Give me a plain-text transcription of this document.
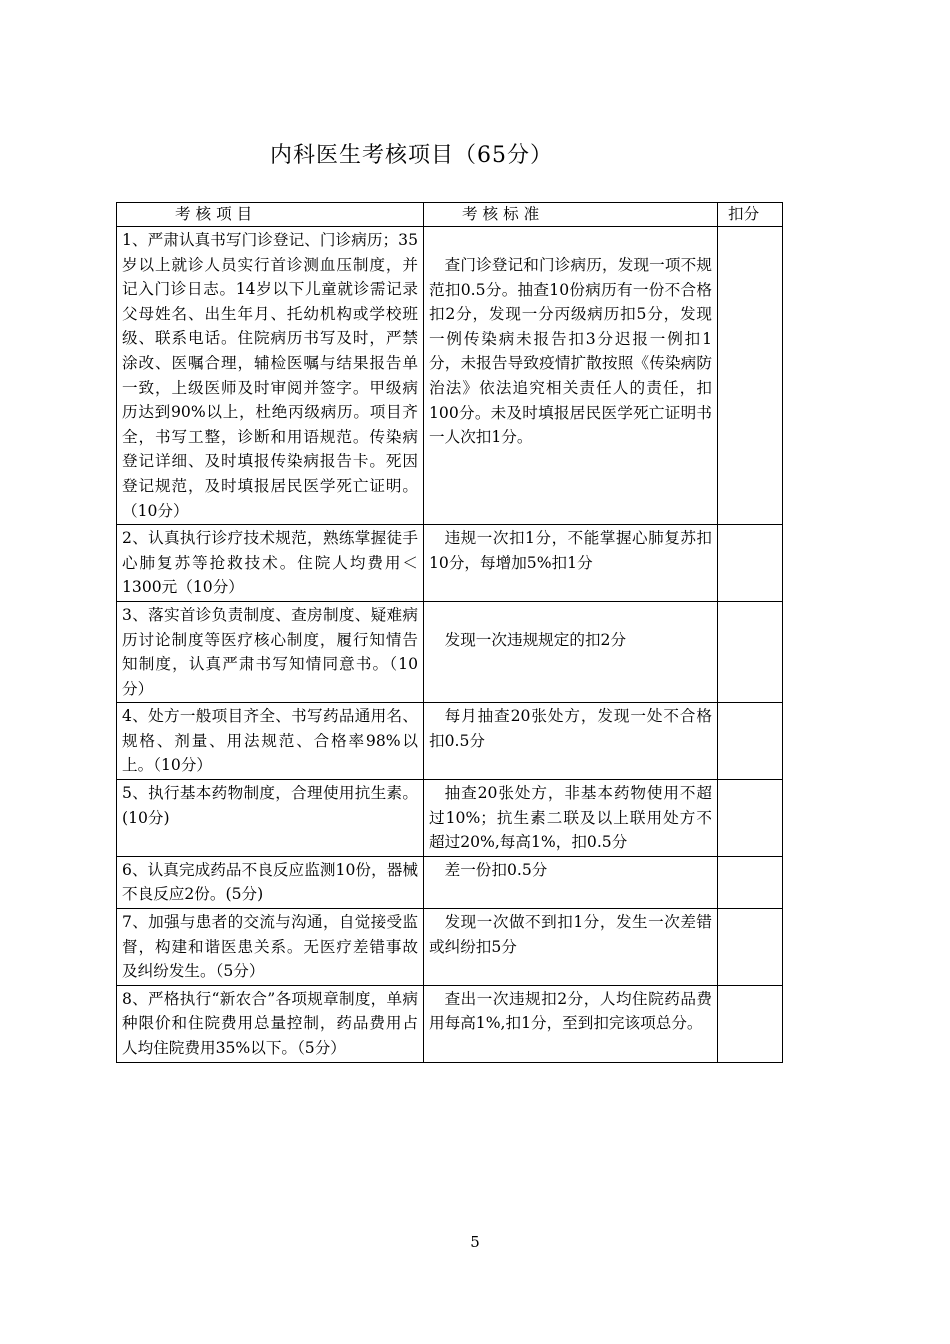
内科医生考核项目（65分）
考 核 项 目	考 核 标 准	扣分
1、严肃认真书写门诊登记、门诊病历；35岁以上就诊人员实行首诊测血压制度，并记入门诊日志。14岁以下儿童就诊需记录父母姓名、出生年月、托幼机构或学校班级、联系电话。住院病历书写及时，严禁涂改、医嘱合理，辅检医嘱与结果报告单一致，上级医师及时审阅并签字。甲级病历达到90%以上，杜绝丙级病历。项目齐全，书写工整，诊断和用语规范。传染病登记详细、及时填报传染病报告卡。死因登记规范，及时填报居民医学死亡证明。（10分）	查门诊登记和门诊病历，发现一项不规范扣0.5分。抽查10份病历有一份不合格扣2分，发现一分丙级病历扣5分，发现一例传染病未报告扣3分迟报一例扣1分，未报告导致疫情扩散按照《传染病防治法》依法追究相关责任人的责任，扣100分。未及时填报居民医学死亡证明书一人次扣1分。	
2、认真执行诊疗技术规范，熟练掌握徒手心肺复苏等抢救技术。住院人均费用＜1300元（10分）	违规一次扣1分，不能掌握心肺复苏扣10分，每增加5%扣1分	
3、落实首诊负责制度、查房制度、疑难病历讨论制度等医疗核心制度，履行知情告知制度，认真严肃书写知情同意书。（10分）	发现一次违规规定的扣2分	
4、处方一般项目齐全、书写药品通用名、规格、剂量、用法规范、合格率98%以上。（10分）	每月抽查20张处方，发现一处不合格扣0.5分	
5、执行基本药物制度，合理使用抗生素。(10分)	抽查20张处方，非基本药物使用不超过10%；抗生素二联及以上联用处方不超过20%,每高1%，扣0.5分	
6、认真完成药品不良反应监测10份，器械不良反应2份。(5分)	差一份扣0.5分	
7、加强与患者的交流与沟通，自觉接受监督，构建和谐医患关系。无医疗差错事故及纠纷发生。（5分）	发现一次做不到扣1分，发生一次差错或纠纷扣5分	
8、严格执行“新农合”各项规章制度，单病种限价和住院费用总量控制，药品费用占人均住院费用35%以下。（5分）	查出一次违规扣2分，人均住院药品费用每高1%,扣1分，至到扣完该项总分。	
5
